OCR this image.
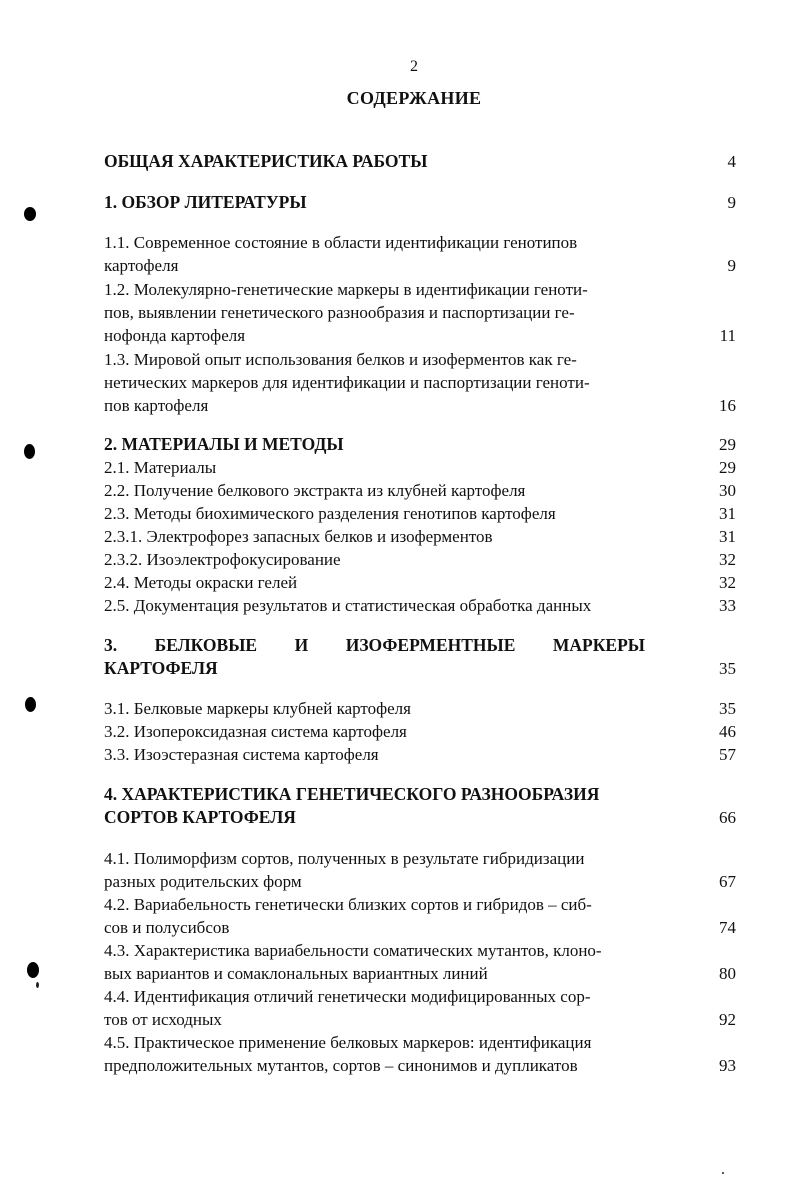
2
СОДЕРЖАНИЕ
ОБЩАЯ ХАРАКТЕРИСТИКА РАБОТЫ	4
1. ОБЗОР ЛИТЕРАТУРЫ	9
1.1. Современное состояние в области идентификации генотипов
картофеля	9
1.2. Молекулярно-генетические маркеры в идентификации геноти-
пов, выявлении генетического разнообразия и паспортизации ге-
нофонда картофеля	11
1.3. Мировой опыт использования белков и изоферментов как ге-
нетических маркеров для идентификации и паспортизации геноти-
пов картофеля	16
2. МАТЕРИАЛЫ И МЕТОДЫ	29
2.1. Материалы	29
2.2. Получение белкового экстракта из клубней картофеля	30
2.3. Методы биохимического разделения генотипов картофеля	31
2.3.1. Электрофорез запасных белков и изоферментов	31
2.3.2. Изоэлектрофокусирование	32
2.4. Методы окраски гелей	32
2.5. Документация результатов и статистическая обработка данных	33
3. БЕЛКОВЫЕ И ИЗОФЕРМЕНТНЫЕ МАРКЕРЫ
КАРТОФЕЛЯ	35
3.1. Белковые маркеры клубней картофеля	35
3.2. Изопероксидазная система картофеля	46
3.3. Изоэстеразная система картофеля	57
4. ХАРАКТЕРИСТИКА ГЕНЕТИЧЕСКОГО РАЗНООБРАЗИЯ
СОРТОВ КАРТОФЕЛЯ	66
4.1. Полиморфизм сортов, полученных в результате гибридизации
разных родительских форм	67
4.2. Вариабельность генетически близких сортов и гибридов – сиб-
сов и полусибсов	74
4.3. Характеристика вариабельности соматических мутантов, клоно-
вых вариантов и сомаклональных вариантных линий	80
4.4. Идентификация отличий генетически модифицированных сор-
тов от исходных	92
4.5. Практическое применение белковых маркеров: идентификация
предположительных мутантов, сортов – синонимов и дупликатов	93
